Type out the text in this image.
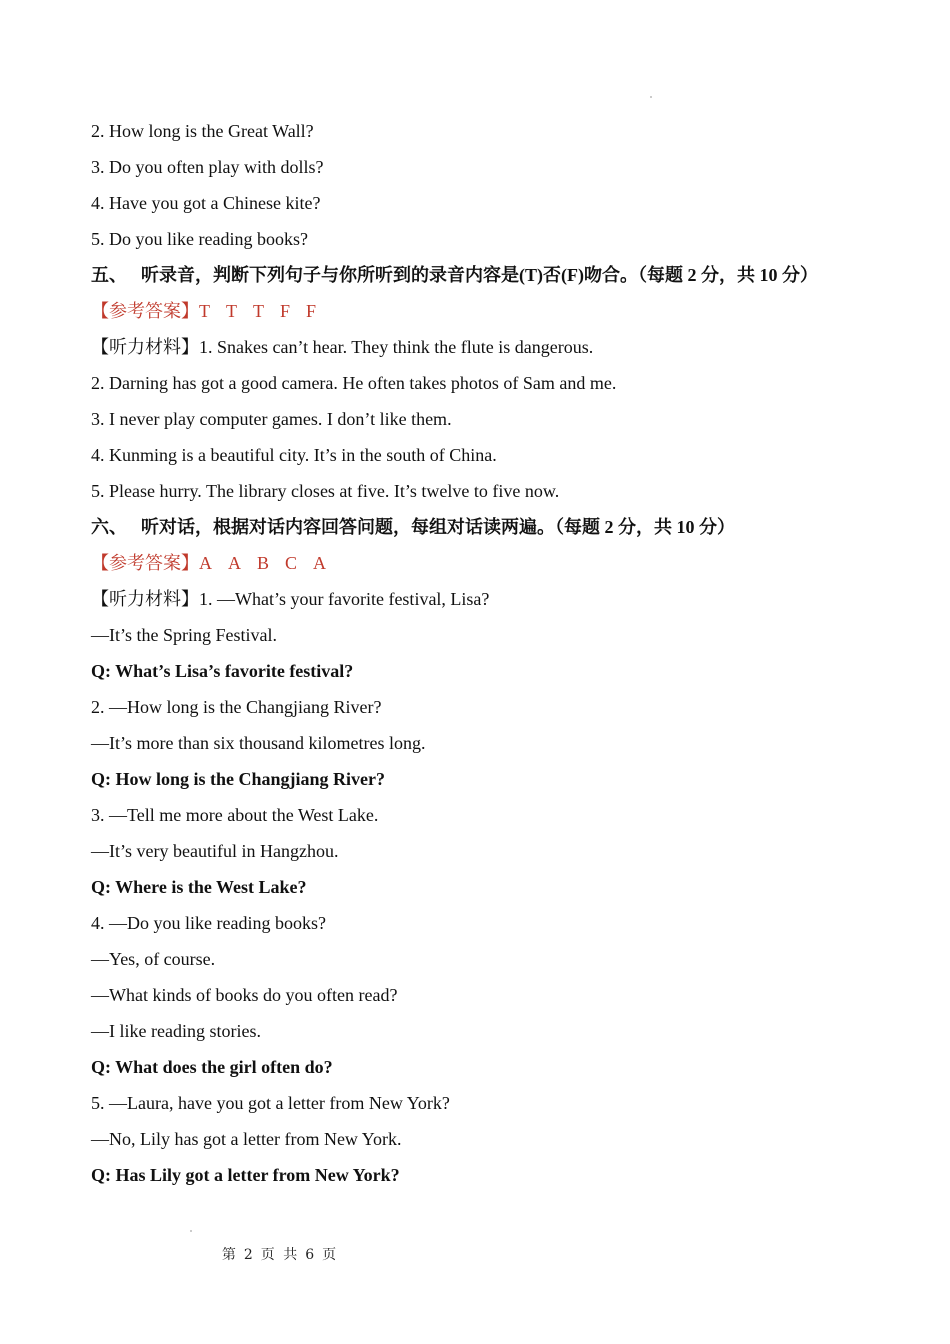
2. How long is the Great Wall?
3. Do you often play with dolls?
4. Have you got a Chinese kite?
5. Do you like reading books?
五、 听录音，判断下列句子与你所听到的录音内容是(T)否(F)吻合。（每题 2 分，共 10 分）
【参考答案】T T T F F
【听力材料】1. Snakes can’t hear. They think the flute is dangerous.
2. Darning has got a good camera. He often takes photos of Sam and me.
3. I never play computer games. I don’t like them.
4. Kunming is a beautiful city. It’s in the south of China.
5. Please hurry. The library closes at five. It’s twelve to five now.
六、 听对话，根据对话内容回答问题，每组对话读两遍。（每题 2 分，共 10 分）
【参考答案】A A B C A
【听力材料】1. —What’s your favorite festival, Lisa?
—It’s the Spring Festival.
Q: What’s Lisa’s favorite festival?
2. —How long is the Changjiang River?
—It’s more than six thousand kilometres long.
Q: How long is the Changjiang River?
3. —Tell me more about the West Lake.
—It’s very beautiful in Hangzhou.
Q: Where is the West Lake?
4. —Do you like reading books?
—Yes, of course.
—What kinds of books do you often read?
—I like reading stories.
Q: What does the girl often do?
5. —Laura, have you got a letter from New York?
—No, Lily has got a letter from New York.
Q: Has Lily got a letter from New York?
第 2 页 共 6 页
